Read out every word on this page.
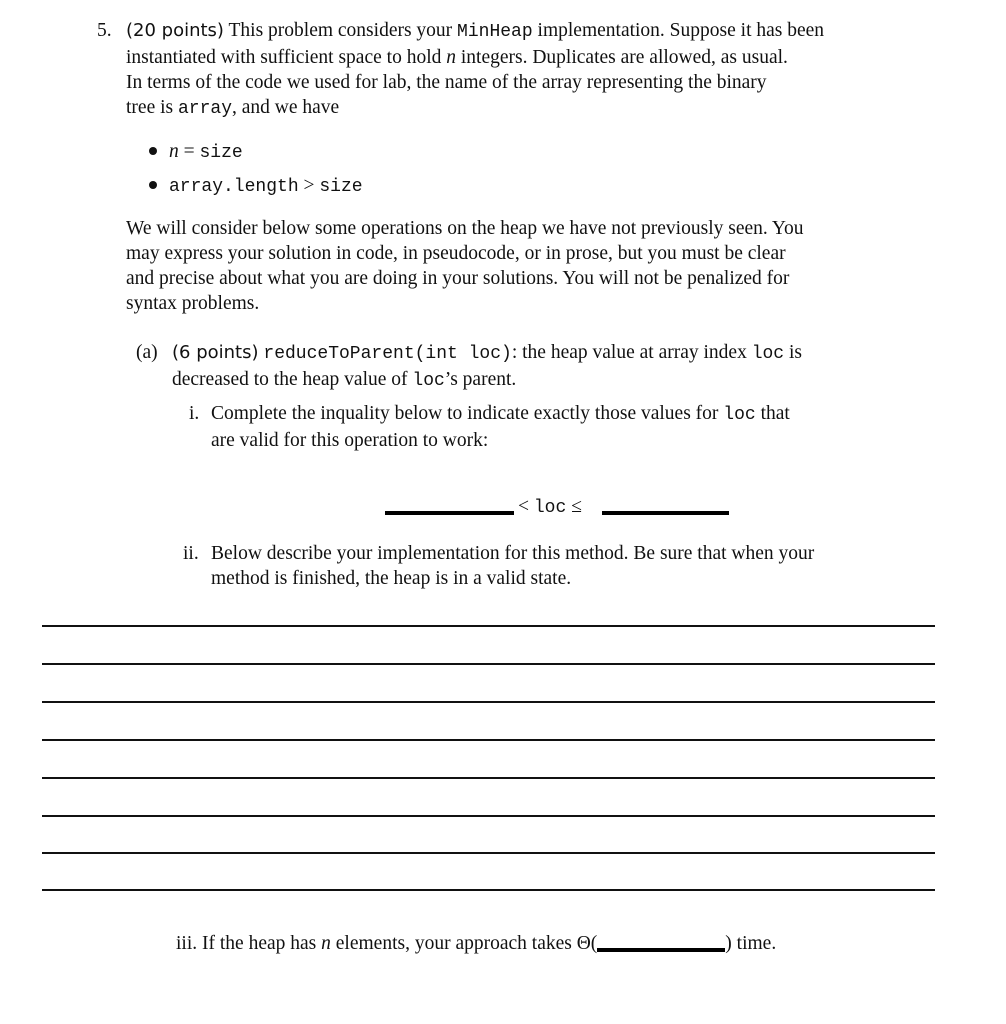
5. (20 points) This problem considers your MinHeap implementation. Suppose it has been
instantiated with sufficient space to hold n integers. Duplicates are allowed, as usual.
In terms of the code we used for lab, the name of the array representing the binary
tree is array, and we have
n = size
array.length > size
We will consider below some operations on the heap we have not previously seen. You
may express your solution in code, in pseudocode, or in prose, but you must be clear
and precise about what you are doing in your solutions. You will not be penalized for
syntax problems.
(a) (6 points) reduceToParent(int loc): the heap value at array index loc is
decreased to the heap value of loc’s parent.
i. Complete the inquality below to indicate exactly those values for loc that
are valid for this operation to work:
< loc ≤
ii. Below describe your implementation for this method. Be sure that when your
method is finished, the heap is in a valid state.
iii. If the heap has n elements, your approach takes Θ(	) time.
